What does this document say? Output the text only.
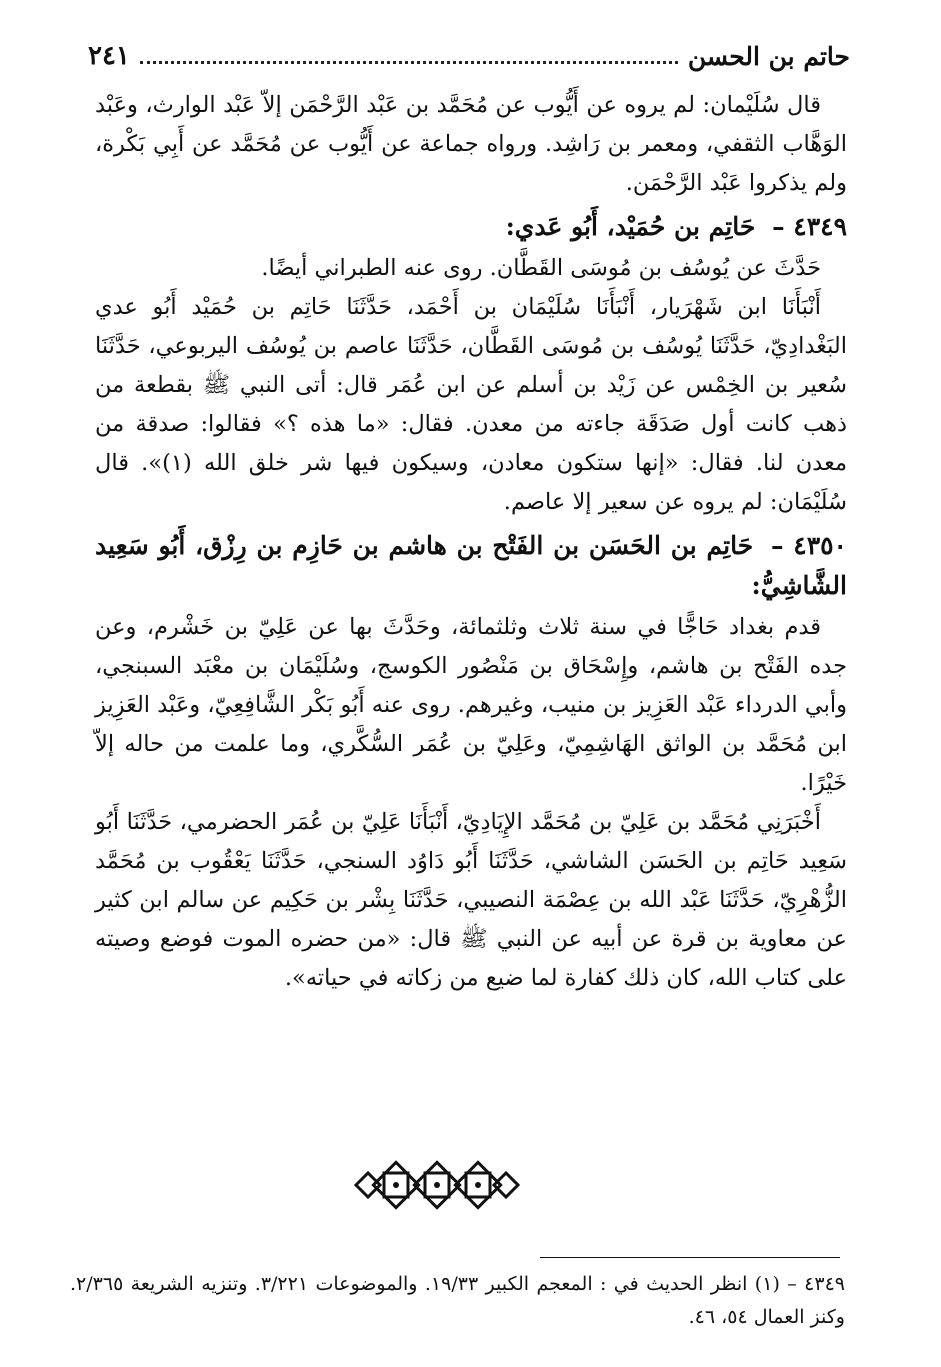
حاتم بن الحسن
٢٤١

قال سُلَيْمان: لم يروه عن أَيُّوب عن مُحَمَّد بن عَبْد الرَّحْمَن إلاّ عَبْد الوارث، وعَبْد الوَهَّاب الثقفي، ومعمر بن رَاشِد. ورواه جماعة عن أَيُّوب عن مُحَمَّد عن أَبِي بَكْرة، ولم يذكروا عَبْد الرَّحْمَن.

٤٣٤٩ – حَاتِم بن حُمَيْد، أَبُو عَدي:

حَدَّثَ عن يُوسُف بن مُوسَى القَطَّان. روى عنه الطبراني أيضًا.

أَنْبَأَنَا ابن شَهْرَيار، أَنْبَأَنَا سُلَيْمَان بن أَحْمَد، حَدَّثَنَا حَاتِم بن حُمَيْد أَبُو عدي البَغْدادِيّ، حَدَّثَنَا يُوسُف بن مُوسَى القَطَّان، حَدَّثَنَا عاصم بن يُوسُف اليربوعي، حَدَّثَنَا سُعير بن الخِمْس عن زَيْد بن أسلم عن ابن عُمَر قال: أتى النبي ﷺ بقطعة من ذهب كانت أول صَدَقَة جاءته من معدن. فقال: «ما هذه ؟» فقالوا: صدقة من معدن لنا. فقال: «إنها ستكون معادن، وسيكون فيها شر خلق الله (١)». قال سُلَيْمَان: لم يروه عن سعير إلا عاصم.

٤٣٥٠ – حَاتِم بن الحَسَن بن الفَتْح بن هاشم بن حَازِم بن رِزْق، أَبُو سَعِيد الشَّاشِيُّ:

قدم بغداد حَاجًّا في سنة ثلاث وثلثمائة، وحَدَّثَ بها عن عَلِيّ بن خَشْرم، وعن جده الفَتْح بن هاشم، وإِسْحَاق بن مَنْصُور الكوسج، وسُلَيْمَان بن معْبَد السبنجي، وأبي الدرداء عَبْد العَزِيز بن منيب، وغيرهم. روى عنه أَبُو بَكْر الشَّافِعِيّ، وعَبْد العَزِيز ابن مُحَمَّد بن الواثق الهَاشِمِيّ، وعَلِيّ بن عُمَر السُّكَّري، وما علمت من حاله إلاّ خَيْرًا.

أَخْبَرَنِي مُحَمَّد بن عَلِيّ بن مُحَمَّد الإِيَادِيّ، أَنْبَأَنَا عَلِيّ بن عُمَر الحضرمي، حَدَّثَنَا أَبُو سَعِيد حَاتِم بن الحَسَن الشاشي، حَدَّثَنَا أَبُو دَاوُد السنجي، حَدَّثَنَا يَعْقُوب بن مُحَمَّد الزُّهْرِيّ، حَدَّثَنَا عَبْد الله بن عِصْمَة النصيبي، حَدَّثَنَا بِشْر بن حَكِيم عن سالم ابن كثير عن معاوية بن قرة عن أبيه عن النبي ﷺ قال: «من حضره الموت فوضع وصيته على كتاب الله، كان ذلك كفارة لما ضيع من زكاته في حياته».

٤٣٤٩ – (١) انظر الحديث في : المعجم الكبير ١٩/٣٣. والموضوعات ٣/٢٢١. وتنزيه الشريعة ٢/٣٦٥. وكنز العمال ٥٤، ٤٦.
